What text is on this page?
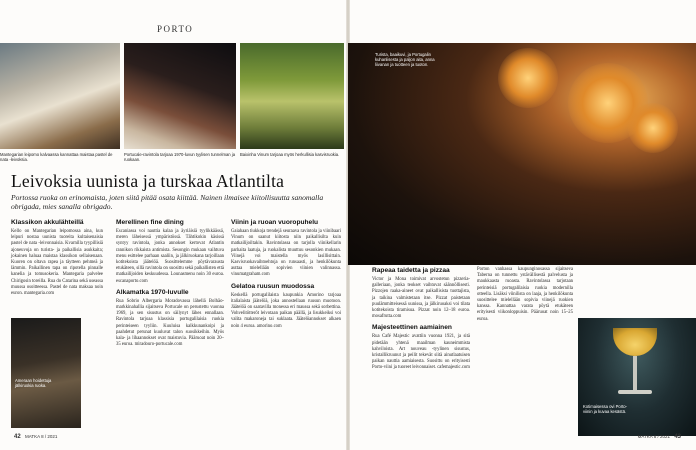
PORTO
Mantegarian leipomo kalvaassa kannattaa maistaa pastel de nata -leivoksia.
Portucale-ravintola tarjoaa 1970-luvun tyylisen tunnelman ja ruokaan.
Baixinha Vinum tarjoaa myös herkullisia kasvisruokia.
Turista, baaikuvi, ja Portugalin kuhanlisesta ja paljon aita, anna liivanan ja tuotteen ja tuoton.
Leivoksia uunista ja turskaa Atlantilta
Portossa ruoka on erinomaista, joten siitä pitää osata kiittää. Nainen ilmaisee kiitollisuutta sanomalla obrigada, mies sanalla obrigado.
Klassikon akkulähteillä

Kello on Mantegarian leipomossa aina, kun leipuri nostaa uunista tuoreita kultaisenaisia pastel de nata -leivonnaisia. Kvarnilla tyypillisiä ajoneuvoja on turista- ja paikallisia asukkaita; jokainen haluaa maistaa klassikon sellaisenaan. Kuoren on oltava rapea ja täytteen pehmeä ja lämmin. Paikallinen tapa on ripotella pinnalle kanelia ja tomusokeria. Mantegaria palvelee Chirigosin toreilla. Rua do Catarina sekä useassa muussa osoitteessa. Pastel de nata maksaa noin euron. mantegaria.com

Ameraan hoidettuja jälkiruokia ruoka.
Merellinen fine dining

Escaniassa voi nauttia kalaa ja äyriäisiä tyylikkäässä, meren läheisessä ympäristössä. Tähtikokin käsissä syntyy ravintola, jonka annokset kertovat Atlantin rannikon rikkaista antimista. Sesongin mukaan vaihtuva menu esittelee parhaan saaliin, ja jälkiruokana tarjoillaan kotitekoista jäätelöä. Suosittelemme pöytävarausta etukäteen, sillä ravintola on suosittu sekä paikallisten että matkailijoiden keskuudessa. Lounasmenu noin 30 euroa. escanaporto.com

Alkamatka 1970-luvulle

Rua Sobrio Albergaria Moradovassa lähellä Bolhão-markkinahallia sijaitseva Portucale on perustettu vuonna 1969, ja sen sisustus on säilynyt lähes ennallaan. Ravintola tarjoaa klassisia portugalilaisia ruokia perinteiseen tyyliin. Kuuluisa kalkkunankoipi ja paahdetut perunat kuuluvat talon suosikkeihin. Myös kala- ja lihaannokset ovat maistuvia. Pääruoat noin 20–35 euroa. miradouro-portucale.com

Viinin ja ruoan vuoropuhelu

Gaiahaan tiukkoja trendejä seuraava ravintola ja viinibaari Vinum on saanut kiitosta niin paikallisilta kuin matkailijoiltakin. Ravintolassa on tarjolla viinikellarin parhaita laatuja, ja ruokalista muuttuu sesonkien mukaan. Viinejä voi maistella myös lasillisittain. Kasvisruokavaihtoehtoja on runsaasti, ja henkilökunta auttaa mielellään sopivien viinien valinnassa. vinumatgraham.com

Gelatoa ruusun muodossa

Keskellä portugalilaista kaupunkia Amorino tarjoaa italialaista jäätelöä, joka annostellaan ruusun muotoon. Jäätelöä on saatavilla monessa eri maussa sekä sorbettina. Vohvelitötteröt leivotaan paikan päällä, ja lisukkeiksi voi valita makaroneja tai suklaata. Jäätelöannokset alkaen noin 4 euroa. amorino.com

Rapeaa taidetta ja pizzaa

Victor ja Mona toimivat arvostetun pizzeria-galleriaan, jonka teokset vaihtuvat säännöllisesti. Pizzojen raaka-aineet ovat paikallisista tuottajista, ja taikina valmistetaan itse. Pizzat paistetaan puulämmitteisessä uunissa, ja jälkiruoaksi voi tilata kotitekoista tiramisua. Pizzat noin 12–18 euroa. mosafrutta.com

Majesteettinen aamiainen

Rua Café Majestic avattiin vuonna 1921, ja sitä pidetään yhtenä maailman kauneimmista kahviloista. Art nouveau -tyylinen sisustus, kristallikruunut ja peilit tekevät siitä ainutlaatuisen paikan nauttia aamiaisesta. Suosittu on erityisesti Porto-viini ja tuoreet leivonnaiset. cafemajestic.com

Porton vanhassa kaupunginosassa sijaitseva Taberna on tunnettu ystävällisestä palvelusta ja maukkaasta ruoasta. Ravintolassa tarjotaan perinteisiä portugalilaisia ruokia modernilla otteella. Lisäksi viinilista on laaja, ja henkilökunta suosittelee mielellään sopivia viinejä ruokien kanssa. Kannattaa varata pöytä etukäteen erityisesti viikonloppuisin. Pääruoat noin 15–25 euroa.

Kotimaisessa ovi Porto-viinin ja kuvaa kesästä.
42 MATKA 8 / 2021	MATKA 8 / 2021 43
